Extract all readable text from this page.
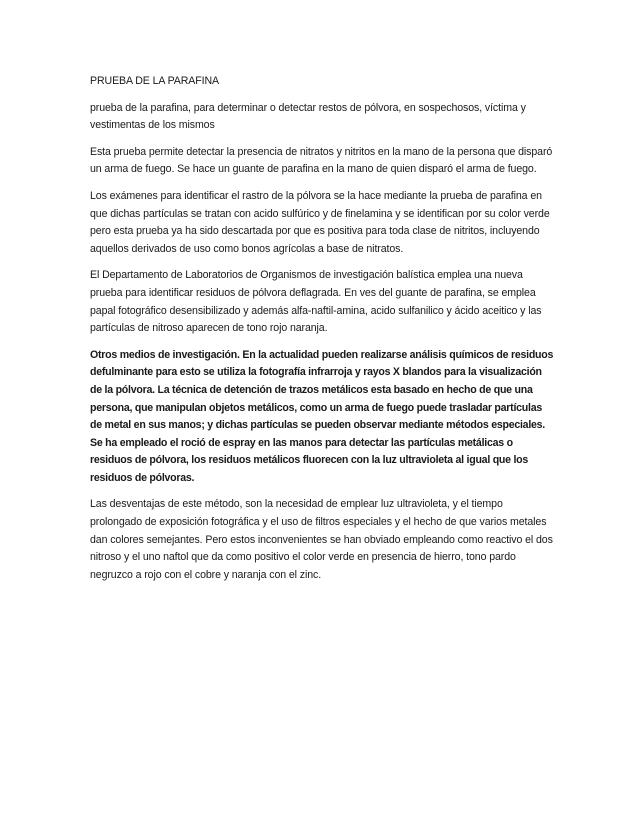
PRUEBA DE LA PARAFINA

prueba de la parafina, para determinar o detectar restos de pólvora, en sospechosos, víctima y vestimentas de los mismos

Esta prueba permite detectar la presencia de nitratos y nitritos en la mano de la persona que disparó un arma de fuego. Se hace un guante de parafina en la mano de quien disparó el arma de fuego.

Los exámenes para identificar el rastro de la pólvora se la hace mediante la prueba de parafina en que dichas partículas se tratan con acido sulfúrico y de finelamina y se identifican por su color verde pero esta prueba ya ha sido descartada por que es positiva para toda clase de nitritos, incluyendo aquellos derivados de uso como bonos agrícolas a base de nitratos.

El Departamento de Laboratorios de Organismos de investigación balística emplea una nueva prueba para identificar residuos de pólvora deflagrada. En ves del guante de parafina, se emplea papal fotográfico desensibilizado y además alfa-naftil-amina, acido sulfanilico y ácido aceitico y las partículas de nitroso aparecen de tono rojo naranja.

Otros medios de investigación. En la actualidad pueden realizarse análisis químicos de residuos defulminante para esto se utiliza la fotografía infrarroja y rayos X blandos para la visualización de la pólvora. La técnica de detención de trazos metálicos esta basado en hecho de que una persona, que manipulan objetos metálicos, como un arma de fuego puede trasladar partículas de metal en sus manos; y dichas partículas se pueden observar mediante métodos especiales. Se ha empleado el roció de espray en las manos para detectar las partículas metálicas o residuos de pólvora, los residuos metálicos fluorecen con la luz ultravioleta al igual que los residuos de pólvoras.

Las desventajas de este método, son la necesidad de emplear luz ultravioleta, y el tiempo prolongado de exposición fotográfica y el uso de filtros especiales y el hecho de que varios metales dan colores semejantes. Pero estos inconvenientes se han obviado empleando como reactivo el dos nitroso y el uno naftol que da como positivo el color verde en presencia de hierro, tono pardo negruzco a rojo con el cobre y naranja con el zinc.
